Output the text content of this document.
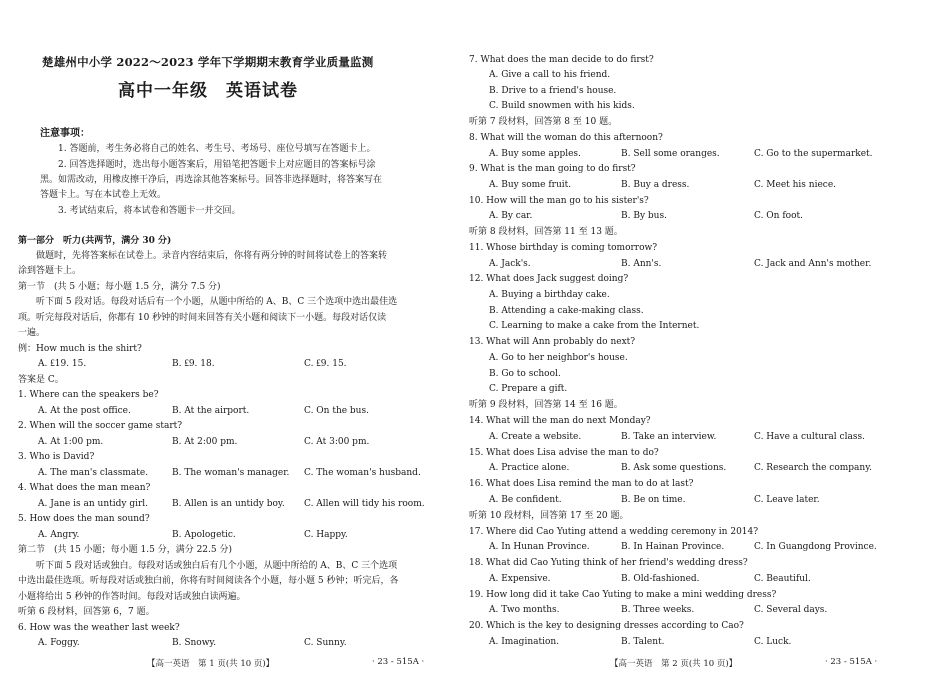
楚雄州中小学 2022～2023 学年下学期期末教育学业质量监测
高中一年级　英语试卷
注意事项：
1. 答题前，考生务必将自己的姓名、考生号、考场号、座位号填写在答题卡上。
2. 回答选择题时，选出每小题答案后，用铅笔把答题卡上对应题目的答案标号涂
黑。如需改动，用橡皮擦干净后，再选涂其他答案标号。回答非选择题时，将答案写在
答题卡上。写在本试卷上无效。
3. 考试结束后，将本试卷和答题卡一并交回。
第一部分　听力(共两节，满分 30 分)
做题时，先将答案标在试卷上。录音内容结束后，你将有两分钟的时间将试卷上的答案转
涂到答题卡上。
第一节　(共 5 小题；每小题 1.5 分，满分 7.5 分)
听下面 5 段对话。每段对话后有一个小题，从题中所给的 A、B、C 三个选项中选出最佳选
项。听完每段对话后，你都有 10 秒钟的时间来回答有关小题和阅读下一小题。每段对话仅读
一遍。
例：How much is the shirt?
A. ₤19. 15.	B. ₤9. 18.	C. ₤9. 15.
答案是 C。
1. Where can the speakers be?
A. At the post office.	B. At the airport.	C. On the bus.
2. When will the soccer game start?
A. At 1:00 pm.	B. At 2:00 pm.	C. At 3:00 pm.
3. Who is David?
A. The man's classmate.	B. The woman's manager. C. The woman's husband.
4. What does the man mean?
A. Jane is an untidy girl.	B. Allen is an untidy boy. C. Allen will tidy his room.
5. How does the man sound?
A. Angry.	B. Apologetic.	C. Happy.
第二节　(共 15 小题；每小题 1.5 分，满分 22.5 分)
听下面 5 段对话或独白。每段对话或独白后有几个小题，从题中所给的 A、B、C 三个选项
中选出最佳选项。听每段对话或独白前，你将有时间阅读各个小题，每小题 5 秒钟；听完后，各
小题将给出 5 秒钟的作答时间。每段对话或独白读两遍。
听第 6 段材料，回答第 6，7 题。
6. How was the weather last week?
A. Foggy.	B. Snowy.	C. Sunny.
【高一英语　第 1 页(共 10 页)】	· 23 - 515A ·
7. What does the man decide to do first?
A. Give a call to his friend.
B. Drive to a friend's house.
C. Build snowmen with his kids.
听第 7 段材料，回答第 8 至 10 题。
8. What will the woman do this afternoon?
A. Buy some apples.	B. Sell some oranges.	C. Go to the supermarket.
9. What is the man going to do first?
A. Buy some fruit.	B. Buy a dress.	C. Meet his niece.
10. How will the man go to his sister's?
A. By car.	B. By bus.	C. On foot.
听第 8 段材料，回答第 11 至 13 题。
11. Whose birthday is coming tomorrow?
A. Jack's.	B. Ann's.	C. Jack and Ann's mother.
12. What does Jack suggest doing?
A. Buying a birthday cake.
B. Attending a cake-making class.
C. Learning to make a cake from the Internet.
13. What will Ann probably do next?
A. Go to her neighbor's house.
B. Go to school.
C. Prepare a gift.
听第 9 段材料，回答第 14 至 16 题。
14. What will the man do next Monday?
A. Create a website.	B. Take an interview.	C. Have a cultural class.
15. What does Lisa advise the man to do?
A. Practice alone.	B. Ask some questions.	C. Research the company.
16. What does Lisa remind the man to do at last?
A. Be confident.	B. Be on time.	C. Leave later.
听第 10 段材料，回答第 17 至 20 题。
17. Where did Cao Yuting attend a wedding ceremony in 2014?
A. In Hunan Province.	B. In Hainan Province.	C. In Guangdong Province.
18. What did Cao Yuting think of her friend's wedding dress?
A. Expensive.	B. Old-fashioned.	C. Beautiful.
19. How long did it take Cao Yuting to make a mini wedding dress?
A. Two months.	B. Three weeks.	C. Several days.
20. Which is the key to designing dresses according to Cao?
A. Imagination.	B. Talent.	C. Luck.
【高一英语　第 2 页(共 10 页)】	· 23 - 515A ·
